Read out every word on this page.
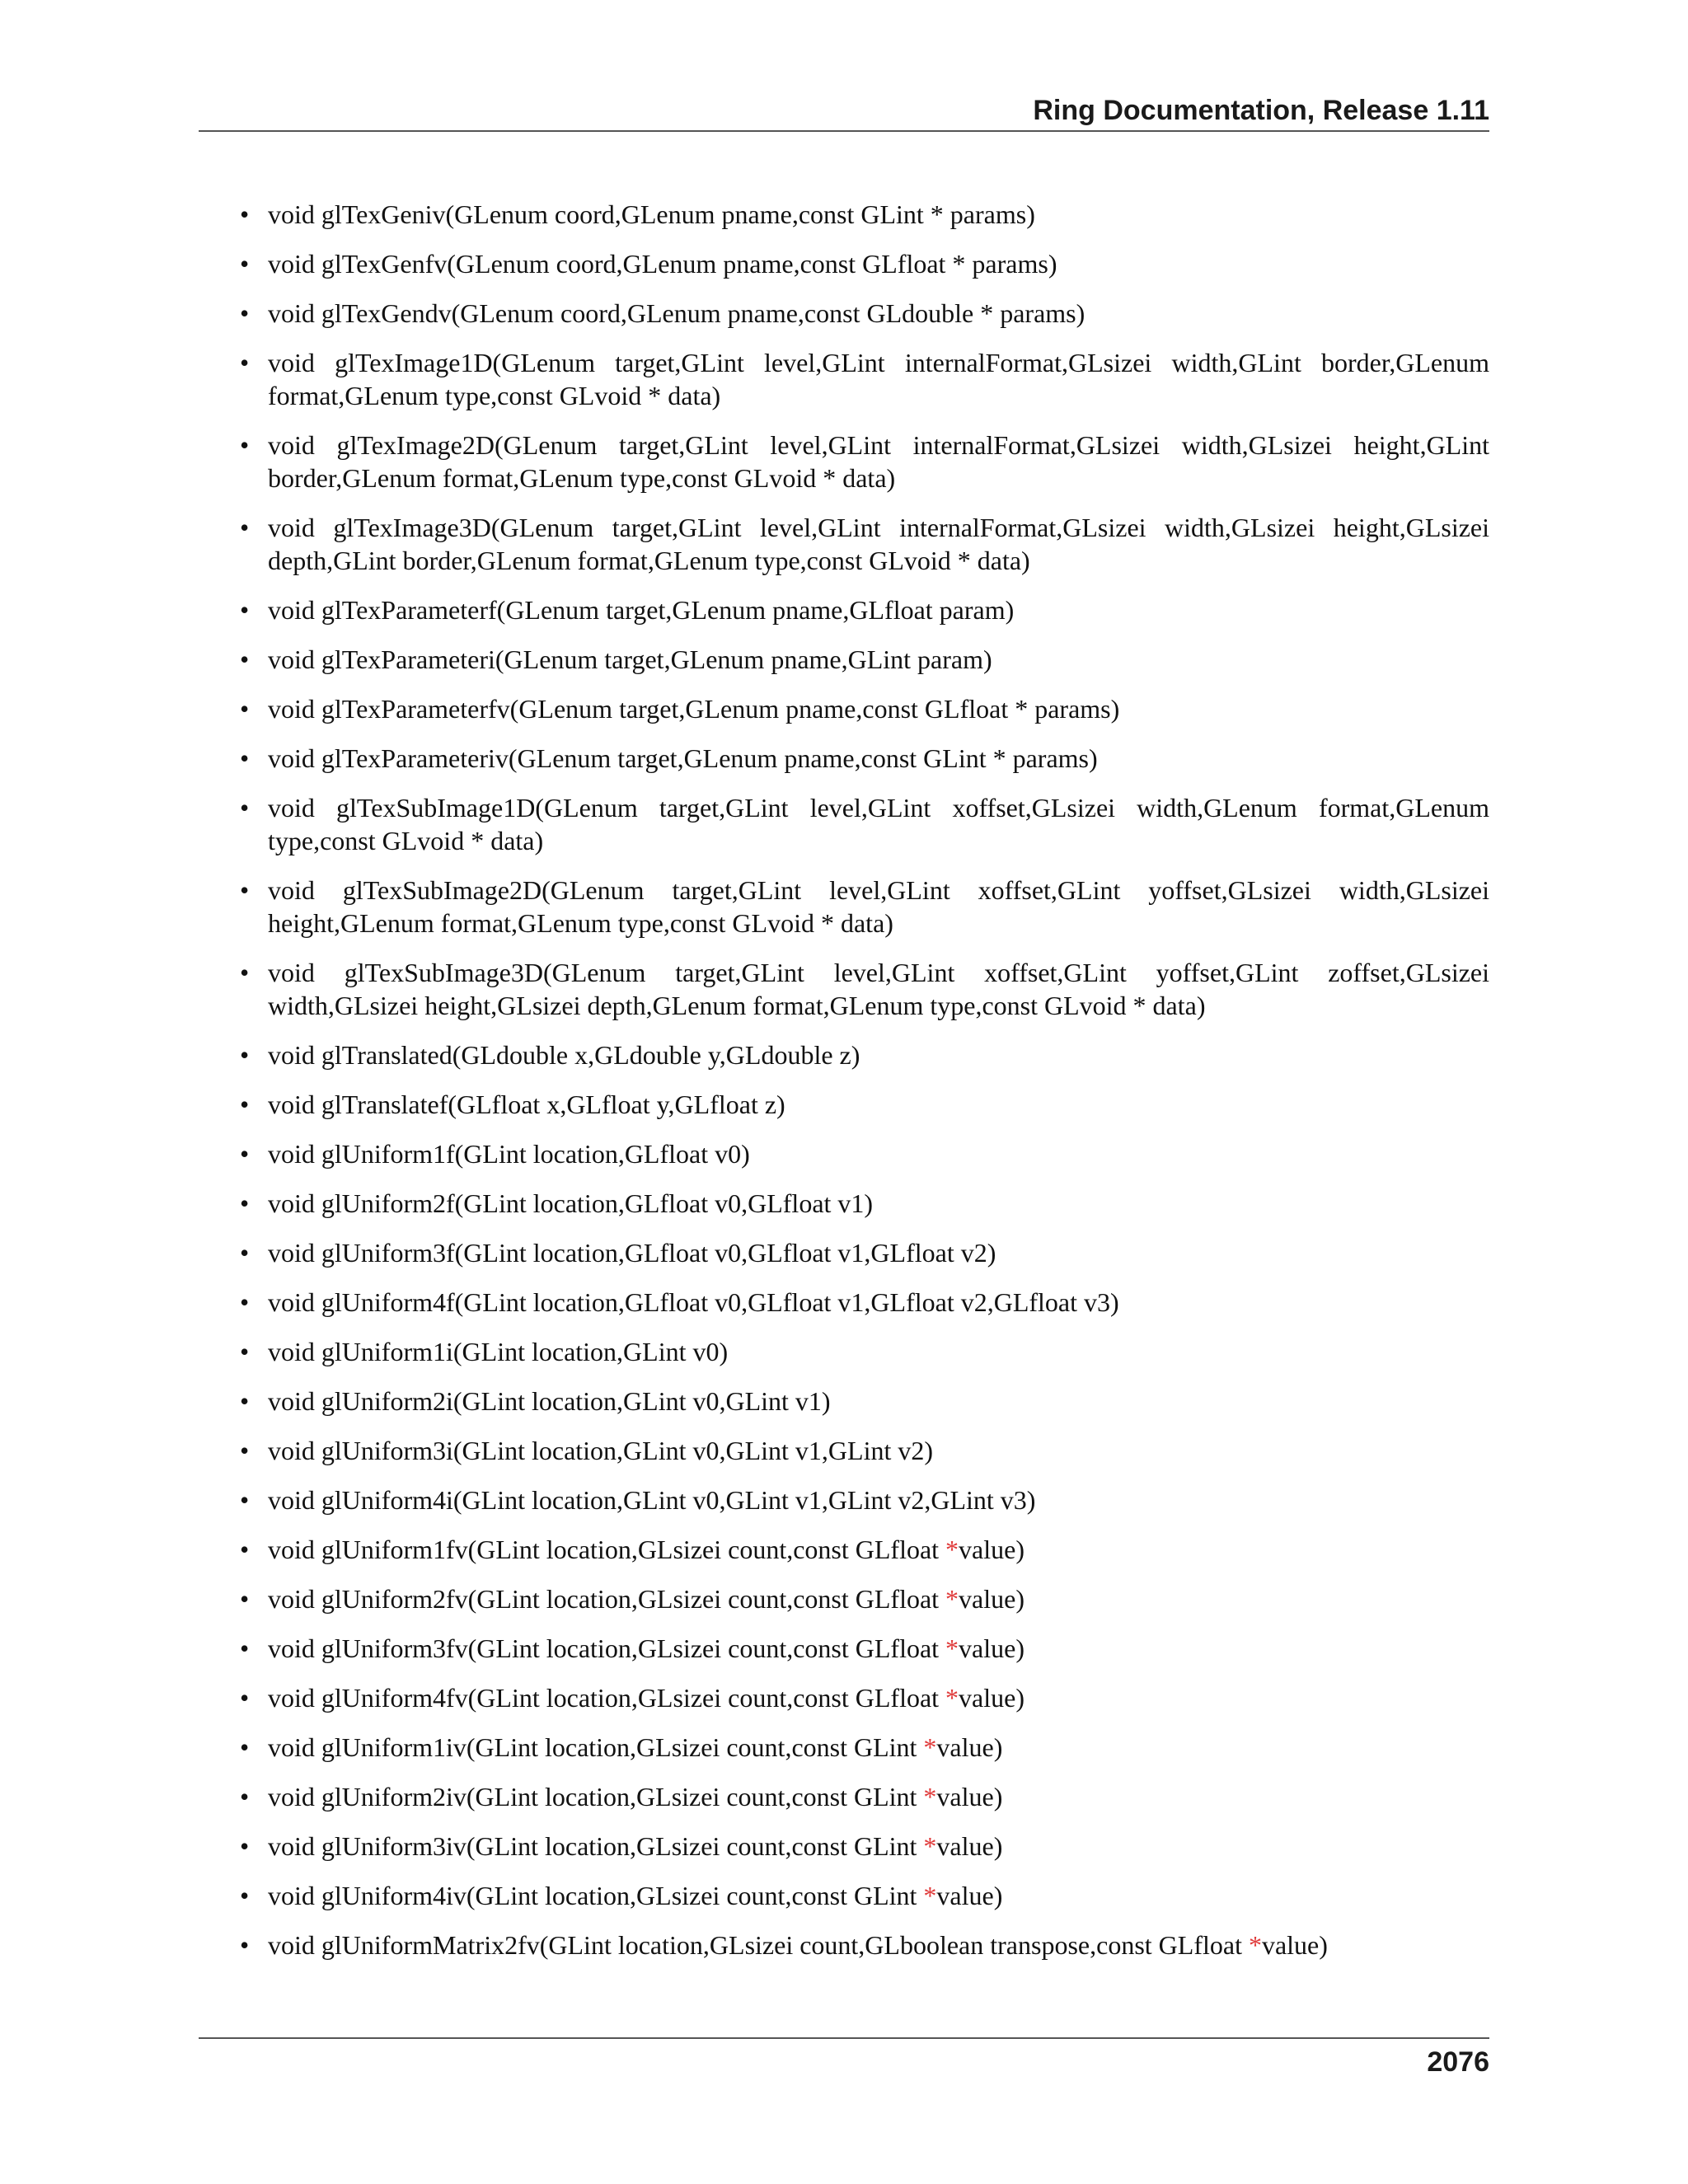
Ring Documentation, Release 1.11
• void glTexGeniv(GLenum coord,GLenum pname,const GLint * params)
• void glTexGenfv(GLenum coord,GLenum pname,const GLfloat * params)
• void glTexGendv(GLenum coord,GLenum pname,const GLdouble * params)
• void glTexImage1D(GLenum target,GLint level,GLint internalFormat,GLsizei width,GLint border,GLenum format,GLenum type,const GLvoid * data)
• void glTexImage2D(GLenum target,GLint level,GLint internalFormat,GLsizei width,GLsizei height,GLint border,GLenum format,GLenum type,const GLvoid * data)
• void glTexImage3D(GLenum target,GLint level,GLint internalFormat,GLsizei width,GLsizei height,GLsizei depth,GLint border,GLenum format,GLenum type,const GLvoid * data)
• void glTexParameterf(GLenum target,GLenum pname,GLfloat param)
• void glTexParameteri(GLenum target,GLenum pname,GLint param)
• void glTexParameterfv(GLenum target,GLenum pname,const GLfloat * params)
• void glTexParameteriv(GLenum target,GLenum pname,const GLint * params)
• void glTexSubImage1D(GLenum target,GLint level,GLint xoffset,GLsizei width,GLenum format,GLenum type,const GLvoid * data)
• void glTexSubImage2D(GLenum target,GLint level,GLint xoffset,GLint yoffset,GLsizei width,GLsizei height,GLenum format,GLenum type,const GLvoid * data)
• void glTexSubImage3D(GLenum target,GLint level,GLint xoffset,GLint yoffset,GLint zoffset,GLsizei width,GLsizei height,GLsizei depth,GLenum format,GLenum type,const GLvoid * data)
• void glTranslated(GLdouble x,GLdouble y,GLdouble z)
• void glTranslatef(GLfloat x,GLfloat y,GLfloat z)
• void glUniform1f(GLint location,GLfloat v0)
• void glUniform2f(GLint location,GLfloat v0,GLfloat v1)
• void glUniform3f(GLint location,GLfloat v0,GLfloat v1,GLfloat v2)
• void glUniform4f(GLint location,GLfloat v0,GLfloat v1,GLfloat v2,GLfloat v3)
• void glUniform1i(GLint location,GLint v0)
• void glUniform2i(GLint location,GLint v0,GLint v1)
• void glUniform3i(GLint location,GLint v0,GLint v1,GLint v2)
• void glUniform4i(GLint location,GLint v0,GLint v1,GLint v2,GLint v3)
• void glUniform1fv(GLint location,GLsizei count,const GLfloat *value)
• void glUniform2fv(GLint location,GLsizei count,const GLfloat *value)
• void glUniform3fv(GLint location,GLsizei count,const GLfloat *value)
• void glUniform4fv(GLint location,GLsizei count,const GLfloat *value)
• void glUniform1iv(GLint location,GLsizei count,const GLint *value)
• void glUniform2iv(GLint location,GLsizei count,const GLint *value)
• void glUniform3iv(GLint location,GLsizei count,const GLint *value)
• void glUniform4iv(GLint location,GLsizei count,const GLint *value)
• void glUniformMatrix2fv(GLint location,GLsizei count,GLboolean transpose,const GLfloat *value)
2076
